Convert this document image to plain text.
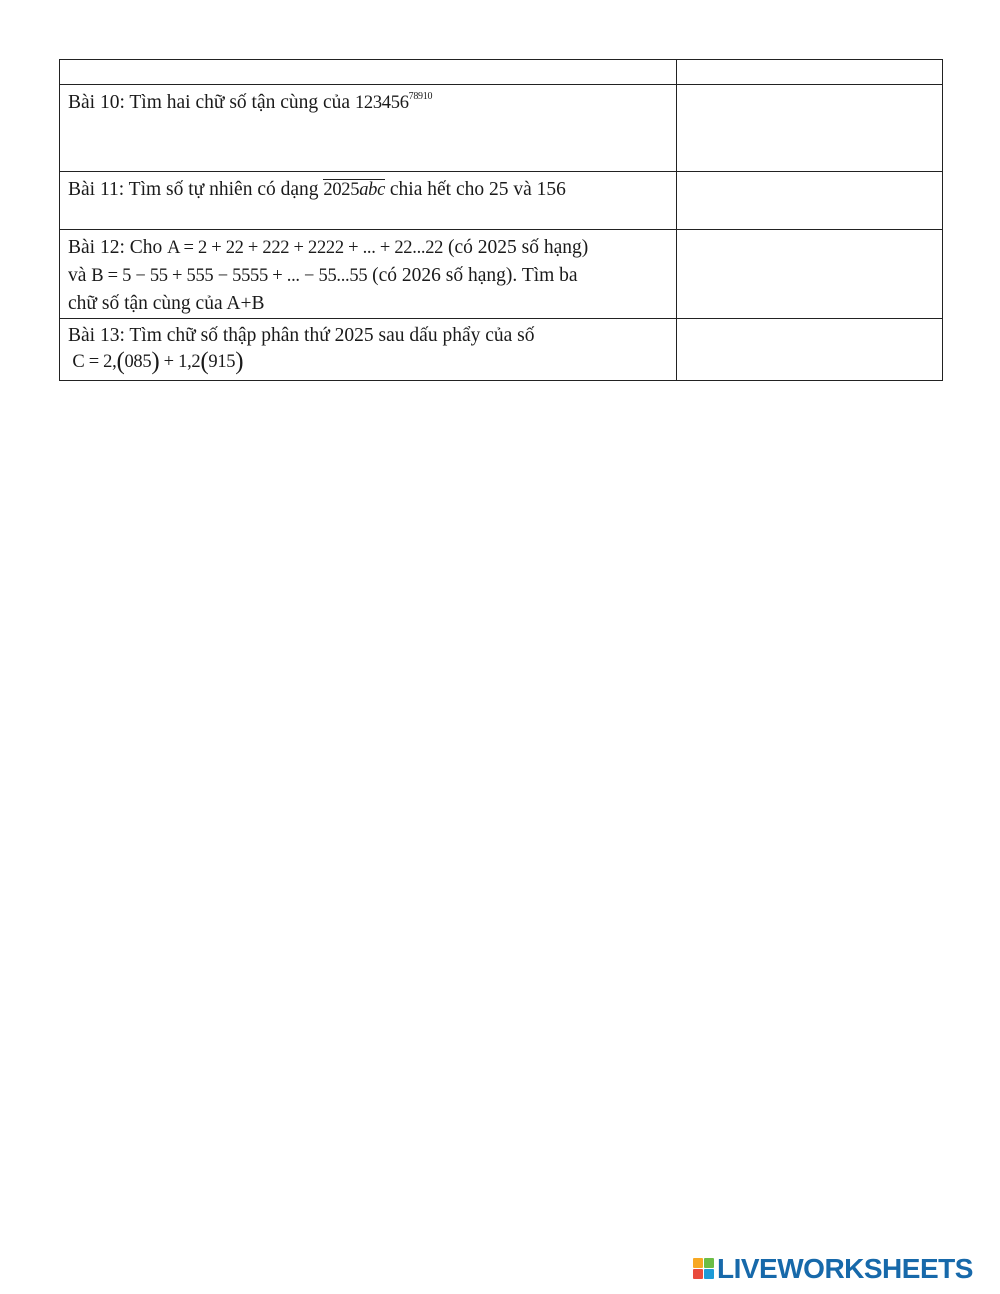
Bài 10: Tìm hai chữ số tận cùng của $123456^{78910}$	

Bài 11: Tìm số tự nhiên có dạng 2025abc chia hết cho 25 và 156	

Bài 12: Cho A = 2 + 22 + 222 + 2222 + ... + 22...22 (có 2025 số hạng)
và B = 5 − 55 + 555 − 5555 + ... − 55...55 (có 2026 số hạng). Tìm ba
chữ số tận cùng của A+B	

Bài 13: Tìm chữ số thập phân thứ 2025 sau dấu phẩy của số
C = 2,(085) + 1,2(915)	
LIVEWORKSHEETS
